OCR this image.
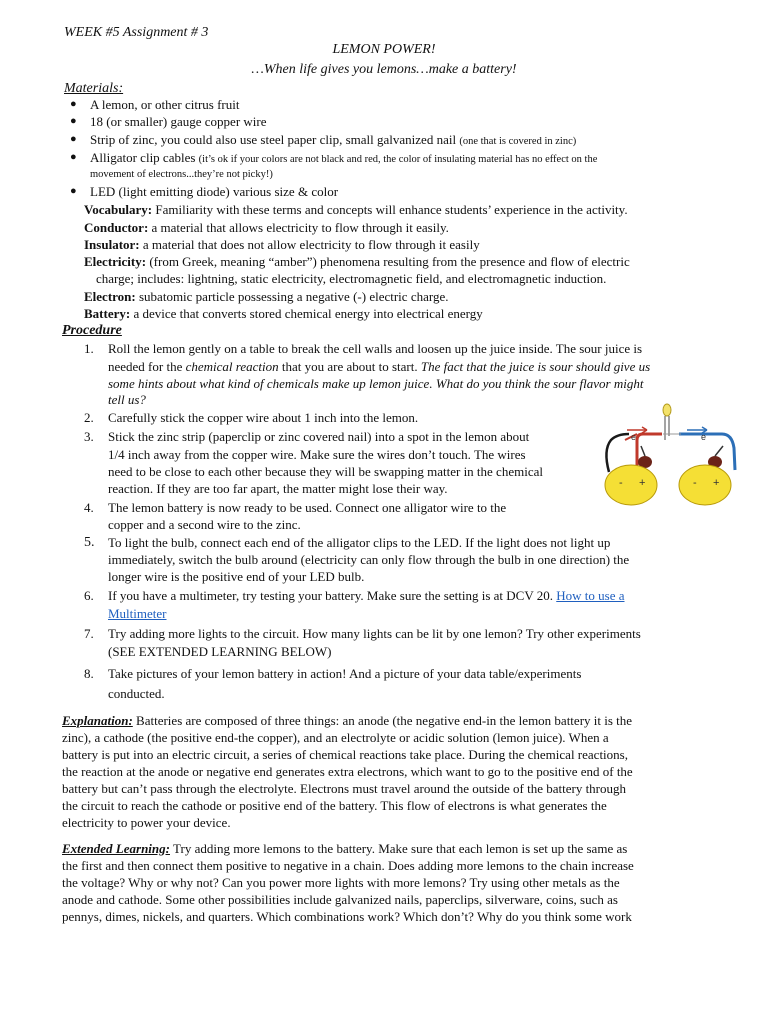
WEEK #5 Assignment # 3
LEMON POWER!
…When life gives you lemons…make a battery!
Materials:
● A lemon, or other citrus fruit
● 18 (or smaller) gauge copper wire
● Strip of zinc, you could also use steel paper clip, small galvanized nail (one that is covered in zinc)
● Alligator clip cables (it’s ok if your colors are not black and red, the color of insulating material has no effect on the
movement of electrons...they’re not picky!)
● LED (light emitting diode) various size & color
Vocabulary: Familiarity with these terms and concepts will enhance students’ experience in the activity.
Conductor: a material that allows electricity to flow through it easily.
Insulator: a material that does not allow electricity to flow through it easily
Electricity: (from Greek, meaning “amber”) phenomena resulting from the presence and flow of electric
charge; includes: lightning, static electricity, electromagnetic field, and electromagnetic induction.
Electron: subatomic particle possessing a negative (-) electric charge.
Battery: a device that converts stored chemical energy into electrical energy
Procedure
1. Roll the lemon gently on a table to break the cell walls and loosen up the juice inside. The sour juice is
needed for the chemical reaction that you are about to start. The fact that the juice is sour should give us
some hints about what kind of chemicals make up lemon juice. What do you think the sour flavor might
tell us?
2. Carefully stick the copper wire about 1 inch into the lemon.
3. Stick the zinc strip (paperclip or zinc covered nail) into a spot in the lemon about
1/4 inch away from the copper wire. Make sure the wires don’t touch. The wires
need to be close to each other because they will be swapping matter in the chemical
reaction. If they are too far apart, the matter might lose their way.
4. The lemon battery is now ready to be used. Connect one alligator wire to the
copper and a second wire to the zinc.
5. To light the bulb, connect each end of the alligator clips to the LED. If the light does not light up
immediately, switch the bulb around (electricity can only flow through the bulb in one direction) the
longer wire is the positive end of your LED bulb.
6. If you have a multimeter, try testing your battery. Make sure the setting is at DCV 20. How to use a
Multimeter
7. Try adding more lights to the circuit. How many lights can be lit by one lemon? Try other experiments
(SEE EXTENDED LEARNING BELOW)
8. Take pictures of your lemon battery in action! And a picture of your data table/experiments
conducted.
e	e
- +	- +
Explanation: Batteries are composed of three things: an anode (the negative end-in the lemon battery it is the
zinc), a cathode (the positive end-the copper), and an electrolyte or acidic solution (lemon juice). When a
battery is put into an electric circuit, a series of chemical reactions take place. During the chemical reactions,
the reaction at the anode or negative end generates extra electrons, which want to go to the positive end of the
battery but can’t pass through the electrolyte. Electrons must travel around the outside of the battery through
the circuit to reach the cathode or positive end of the battery. This flow of electrons is what generates the
electricity to power your device.
Extended Learning: Try adding more lemons to the battery. Make sure that each lemon is set up the same as
the first and then connect them positive to negative in a chain. Does adding more lemons to the chain increase
the voltage? Why or why not? Can you power more lights with more lemons? Try using other metals as the
anode and cathode. Some other possibilities include galvanized nails, paperclips, silverware, coins, such as
pennys, dimes, nickels, and quarters. Which combinations work? Which don’t? Why do you think some work
